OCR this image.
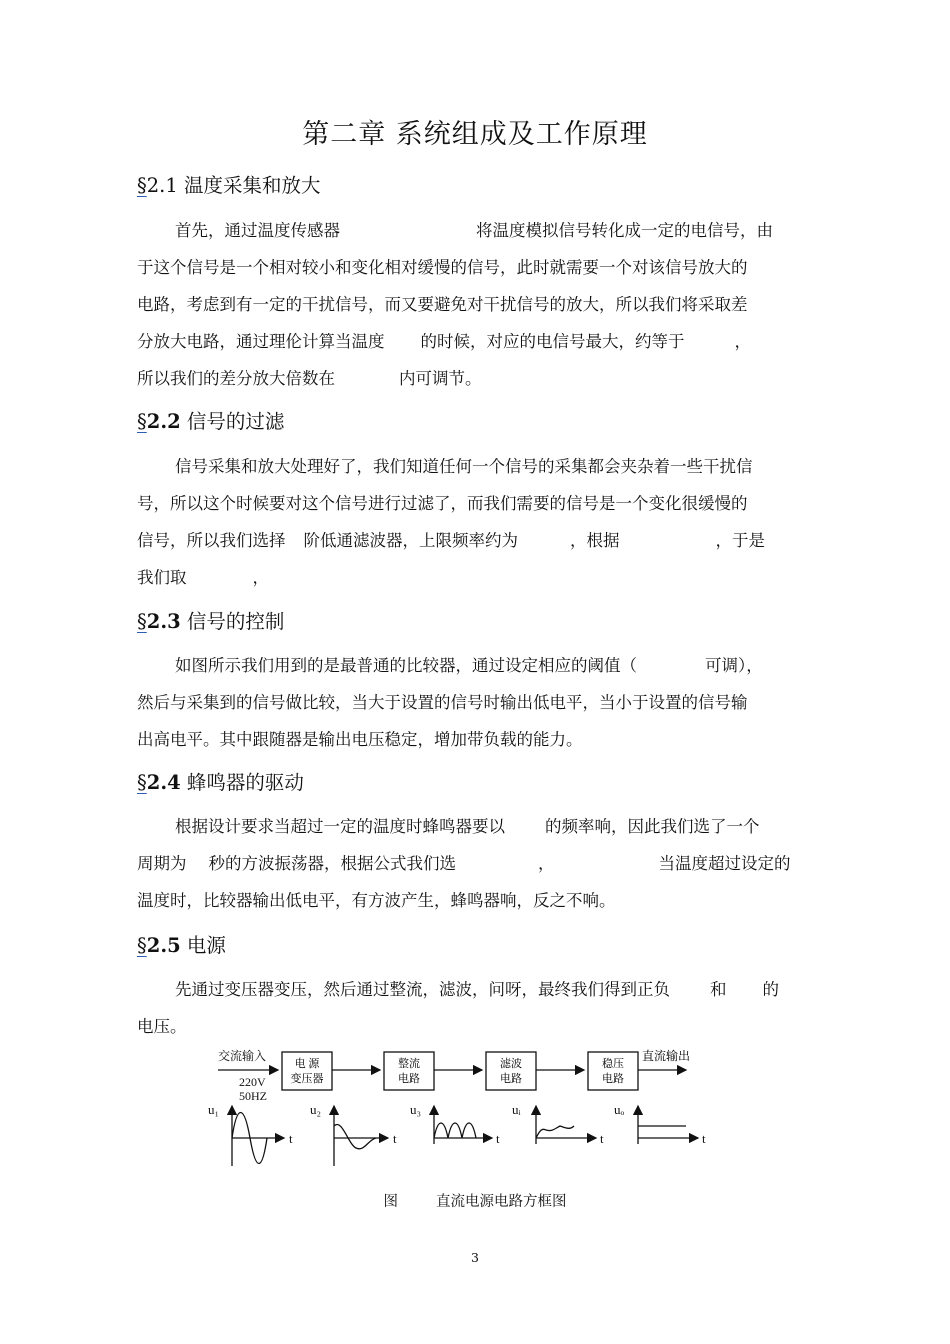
第二章 系统组成及工作原理
§2.1 温度采集和放大
首先，通过温度传感器	将温度模拟信号转化成一定的电信号，由
于这个信号是一个相对较小和变化相对缓慢的信号，此时就需要一个对该信号放大的
电路，考虑到有一定的干扰信号，而又要避免对干扰信号的放大，所以我们将采取差
分放大电路，通过理伦计算当温度 的时候，对应的电信号最大，约等于	，
所以我们的差分放大倍数在	内可调节。
§2.2 信号的过滤
信号采集和放大处理好了，我们知道任何一个信号的采集都会夹杂着一些干扰信
号，所以这个时候要对这个信号进行过滤了，而我们需要的信号是一个变化很缓慢的
信号，所以我们选择 阶低通滤波器，上限频率约为	，根据	，于是
我们取	，
§2.3 信号的控制
如图所示我们用到的是最普通的比较器，通过设定相应的阈值（	可调），
然后与采集到的信号做比较，当大于设置的信号时输出低电平，当小于设置的信号输
出高电平。其中跟随器是输出电压稳定，增加带负载的能力。
§2.4 蜂鸣器的驱动
根据设计要求当超过一定的温度时蜂鸣器要以 的频率响，因此我们选了一个
周期为 秒的方波振荡器，根据公式我们选	，	当温度超过设定的
温度时，比较器输出低电平，有方波产生，蜂鸣器响，反之不响。
§2.5 电源
先通过变压器变压，然后通过整流，滤波，问呀，最终我们得到正负 和 的
电压。
交流输入
220V
50HZ
电 源
变压器
整流
电路
滤波
电路
稳压
电路
直流输出
u₁	u₂	u₃	uᵢ	uₒ
t	t	t	t	t
图	直流电源电路方框图
3
